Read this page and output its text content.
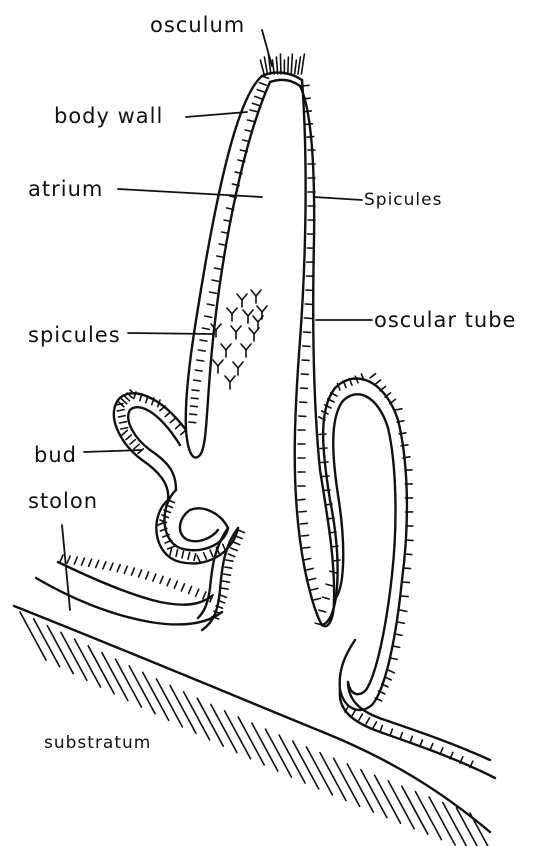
osculum
body wall
atrium	Spicules
spicules
oscular tube
bud
stolon
substratum
